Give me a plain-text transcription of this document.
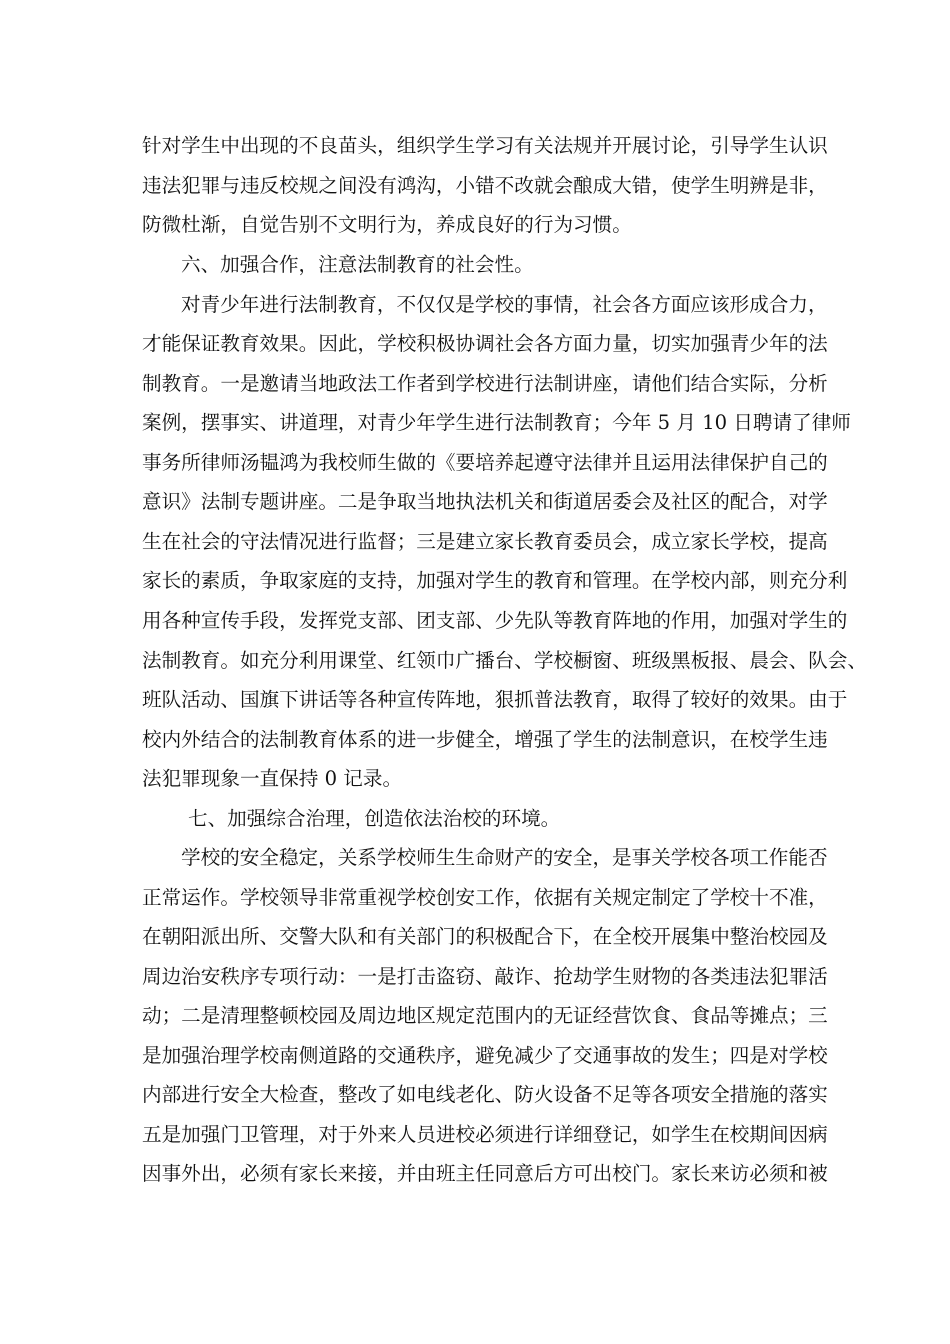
针对学生中出现的不良苗头，组织学生学习有关法规并开展讨论，引导学生认识
违法犯罪与违反校规之间没有鸿沟，小错不改就会酿成大错，使学生明辨是非，
防微杜渐，自觉告别不文明行为，养成良好的行为习惯。
六、加强合作，注意法制教育的社会性。
对青少年进行法制教育，不仅仅是学校的事情，社会各方面应该形成合力，
才能保证教育效果。因此，学校积极协调社会各方面力量，切实加强青少年的法
制教育。一是邀请当地政法工作者到学校进行法制讲座，请他们结合实际，分析
案例，摆事实、讲道理，对青少年学生进行法制教育；今年 5 月 10 日聘请了律师
事务所律师汤韫鸿为我校师生做的《要培养起遵守法律并且运用法律保护自己的
意识》法制专题讲座。二是争取当地执法机关和街道居委会及社区的配合，对学
生在社会的守法情况进行监督；三是建立家长教育委员会，成立家长学校，提高
家长的素质，争取家庭的支持，加强对学生的教育和管理。在学校内部，则充分利
用各种宣传手段，发挥党支部、团支部、少先队等教育阵地的作用，加强对学生的
法制教育。如充分利用课堂、红领巾广播台、学校橱窗、班级黑板报、晨会、队会、
班队活动、国旗下讲话等各种宣传阵地，狠抓普法教育，取得了较好的效果。由于
校内外结合的法制教育体系的进一步健全，增强了学生的法制意识，在校学生违
法犯罪现象一直保持 0 记录。
七、加强综合治理，创造依法治校的环境。
学校的安全稳定，关系学校师生生命财产的安全，是事关学校各项工作能否
正常运作。学校领导非常重视学校创安工作，依据有关规定制定了学校十不准，
在朝阳派出所、交警大队和有关部门的积极配合下，在全校开展集中整治校园及
周边治安秩序专项行动：一是打击盗窃、敲诈、抢劫学生财物的各类违法犯罪活
动；二是清理整顿校园及周边地区规定范围内的无证经营饮食、食品等摊点；三
是加强治理学校南侧道路的交通秩序，避免减少了交通事故的发生；四是对学校
内部进行安全大检查，整改了如电线老化、防火设备不足等各项安全措施的落实
五是加强门卫管理，对于外来人员进校必须进行详细登记，如学生在校期间因病
因事外出，必须有家长来接，并由班主任同意后方可出校门。家长来访必须和被
